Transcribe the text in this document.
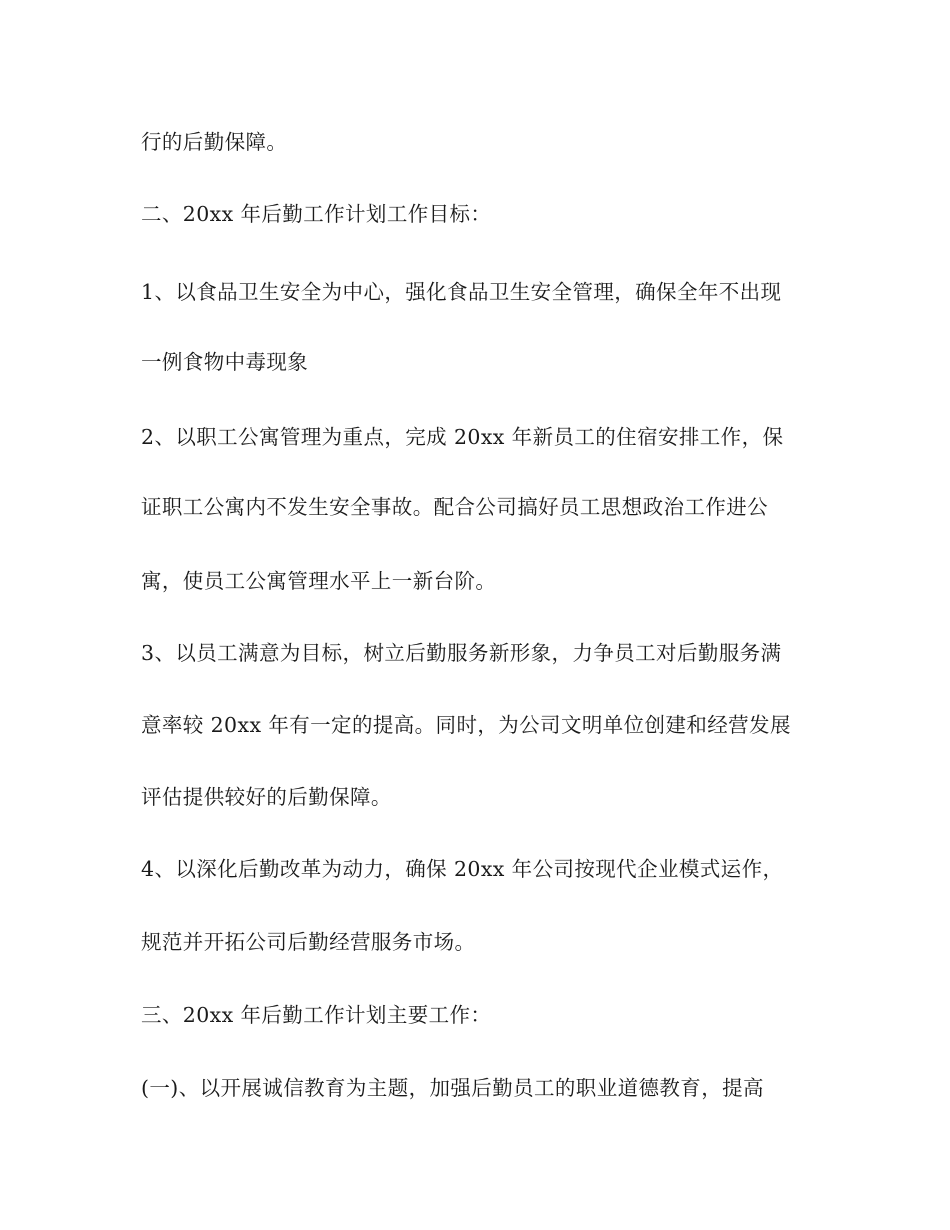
行的后勤保障。
二、20xx 年后勤工作计划工作目标：
1、以食品卫生安全为中心，强化食品卫生安全管理，确保全年不出现
一例食物中毒现象
2、以职工公寓管理为重点，完成 20xx 年新员工的住宿安排工作，保
证职工公寓内不发生安全事故。配合公司搞好员工思想政治工作进公
寓，使员工公寓管理水平上一新台阶。
3、以员工满意为目标，树立后勤服务新形象，力争员工对后勤服务满
意率较 20xx 年有一定的提高。同时，为公司文明单位创建和经营发展
评估提供较好的后勤保障。
4、以深化后勤改革为动力，确保 20xx 年公司按现代企业模式运作，
规范并开拓公司后勤经营服务市场。
三、20xx 年后勤工作计划主要工作：
(一)、以开展诚信教育为主题，加强后勤员工的职业道德教育，提高
